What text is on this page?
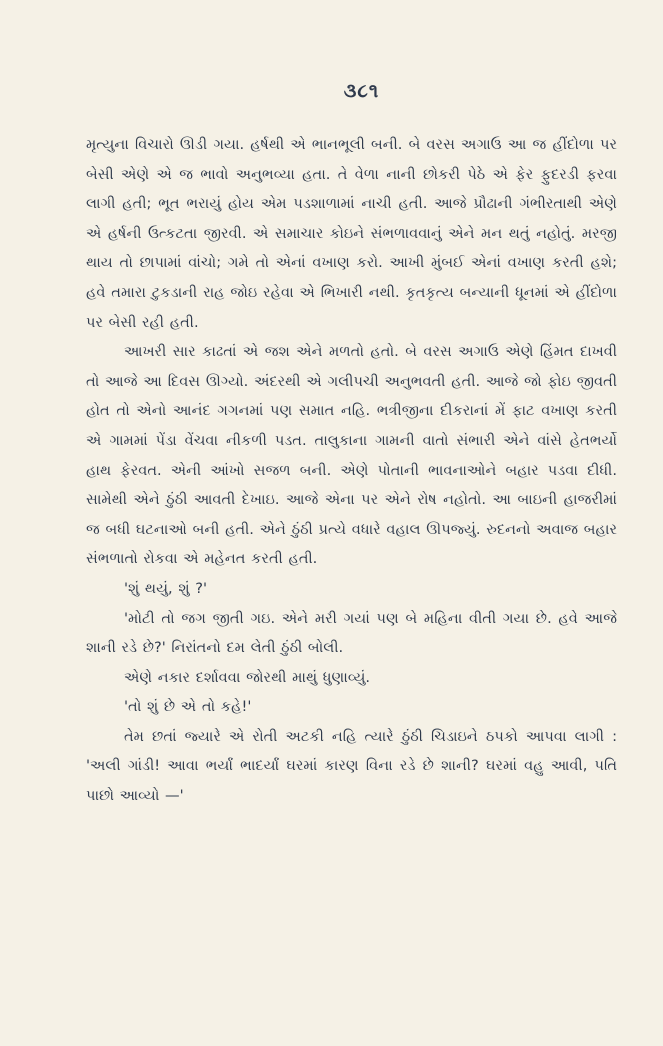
૩૮૧

મૃત્યુના વિચારો ઊડી ગયા. હર્ષથી એ ભાનભૂલી બની. બે વરસ અગાઉ આ જ હીંદોળા પર બેસી એણે એ જ ભાવો અનુભવ્યા હતા. તે વેળા નાની છોકરી પેઠે એ ફેર ફુદરડી ફરવા લાગી હતી; ભૂત ભરાયું હોય એમ પડશાળામાં નાચી હતી. આજે પ્રૌઢાની ગંભીરતાથી એણે એ હર્ષની ઉત્કટતા જીરવી. એ સમાચાર કોઇને સંભળાવવાનું એને મન થતું નહોતું. મરજી થાય તો છાપામાં વાંચો; ગમે તો એનાં વખાણ કરો. આખી મુંબઈ એનાં વખાણ કરતી હશે; હવે તમારા ટુકડાની રાહ જોઇ રહેવા એ ભિખારી નથી. કૃતકૃત્ય બન્યાની ધૂનમાં એ હીંદોળા પર બેસી રહી હતી.

આખરી સાર કાઢતાં એ જશ એને મળતો હતો. બે વરસ અગાઉ એણે હિંમત દાખવી તો આજે આ દિવસ ઊગ્યો. અંદરથી એ ગલીપચી અનુભવતી હતી. આજે જો ફોઇ જીવતી હોત તો એનો આનંદ ગગનમાં પણ સમાત નહિ. ભત્રીજીના દીકરાનાં મેં ફાટ વખાણ કરતી એ ગામમાં પેંડા વેંચવા નીકળી પડત. તાલુકાના ગામની વાતો સંભારી એને વાંસે હેતભર્યો હાથ ફેરવત. એની આંખો સજળ બની. એણે પોતાની ભાવનાઓને બહાર પડવા દીધી. સામેથી એને ઠુંઠી આવતી દેખાઇ. આજે એના પર એને રોષ નહોતો. આ બાઇની હાજરીમાં જ બધી ઘટનાઓ બની હતી. એને ઠુંઠી પ્રત્યે વધારે વહાલ ઊપજ્યું. રુદનનો અવાજ બહાર સંભળાતો રોકવા એ મહેનત કરતી હતી.

'શું થયું, શું ?'

'મોટી તો જગ જીતી ગઇ. એને મરી ગયાં પણ બે મહિના વીતી ગયા છે. હવે આજે શાની રડે છે?' નિરાંતનો દમ લેતી ઠુંઠી બોલી.

એણે નકાર દર્શાવવા જોરથી માથું ધુણાવ્યું.

'તો શું છે એ તો કહે!'

તેમ છતાં જ્યારે એ રોતી અટકી નહિ ત્યારે ઠુંઠી ચિડાઇને ઠપકો આપવા લાગી : 'અલી ગાંડી! આવા ભર્યાં ભાદર્યાં ઘરમાં કારણ વિના રડે છે શાની? ઘરમાં વહુ આવી, પતિ પાછો આવ્યો —'
